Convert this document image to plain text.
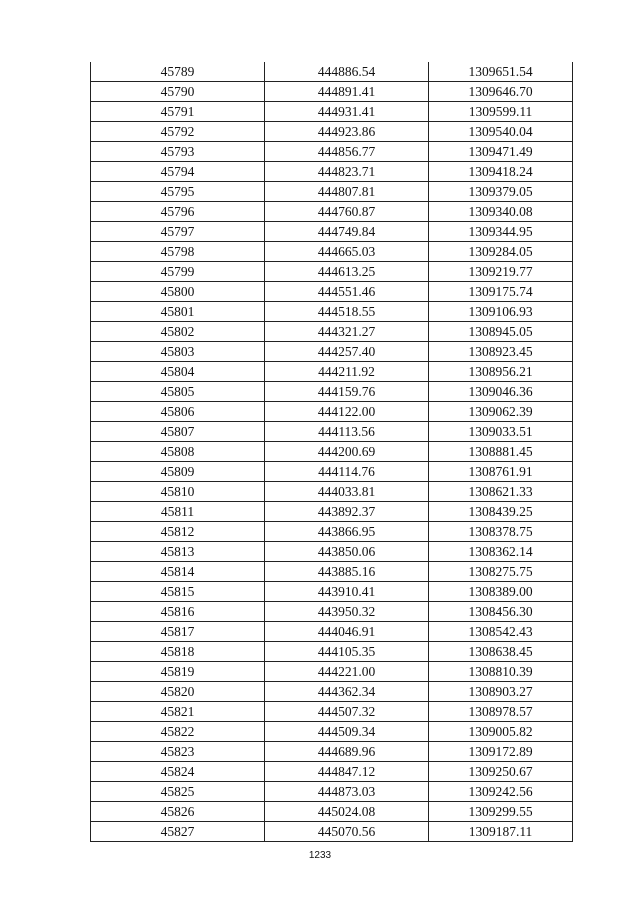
45789	444886.54	1309651.54
45790	444891.41	1309646.70
45791	444931.41	1309599.11
45792	444923.86	1309540.04
45793	444856.77	1309471.49
45794	444823.71	1309418.24
45795	444807.81	1309379.05
45796	444760.87	1309340.08
45797	444749.84	1309344.95
45798	444665.03	1309284.05
45799	444613.25	1309219.77
45800	444551.46	1309175.74
45801	444518.55	1309106.93
45802	444321.27	1308945.05
45803	444257.40	1308923.45
45804	444211.92	1308956.21
45805	444159.76	1309046.36
45806	444122.00	1309062.39
45807	444113.56	1309033.51
45808	444200.69	1308881.45
45809	444114.76	1308761.91
45810	444033.81	1308621.33
45811	443892.37	1308439.25
45812	443866.95	1308378.75
45813	443850.06	1308362.14
45814	443885.16	1308275.75
45815	443910.41	1308389.00
45816	443950.32	1308456.30
45817	444046.91	1308542.43
45818	444105.35	1308638.45
45819	444221.00	1308810.39
45820	444362.34	1308903.27
45821	444507.32	1308978.57
45822	444509.34	1309005.82
45823	444689.96	1309172.89
45824	444847.12	1309250.67
45825	444873.03	1309242.56
45826	445024.08	1309299.55
45827	445070.56	1309187.11
1233
